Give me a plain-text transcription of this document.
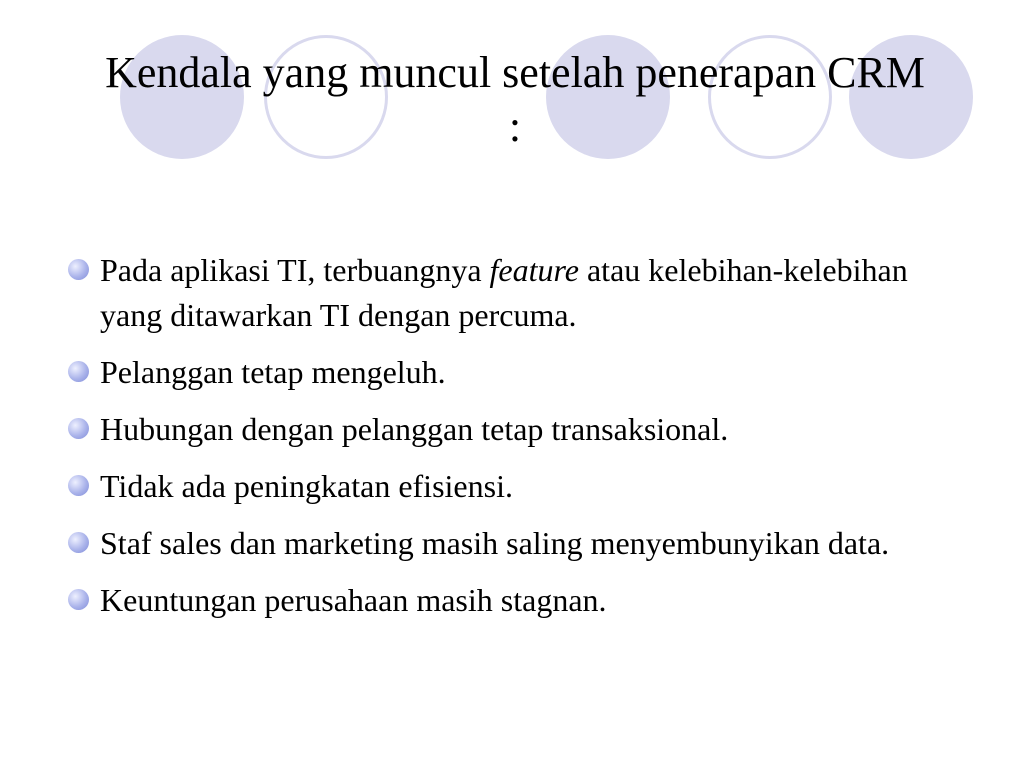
Kendala yang muncul setelah penerapan CRM :
Pada aplikasi TI, terbuangnya feature atau kelebihan-kelebihan yang ditawarkan TI dengan percuma.
Pelanggan tetap mengeluh.
Hubungan dengan pelanggan tetap transaksional.
Tidak ada peningkatan efisiensi.
Staf sales dan marketing masih saling menyembunyikan data.
Keuntungan perusahaan masih stagnan.
